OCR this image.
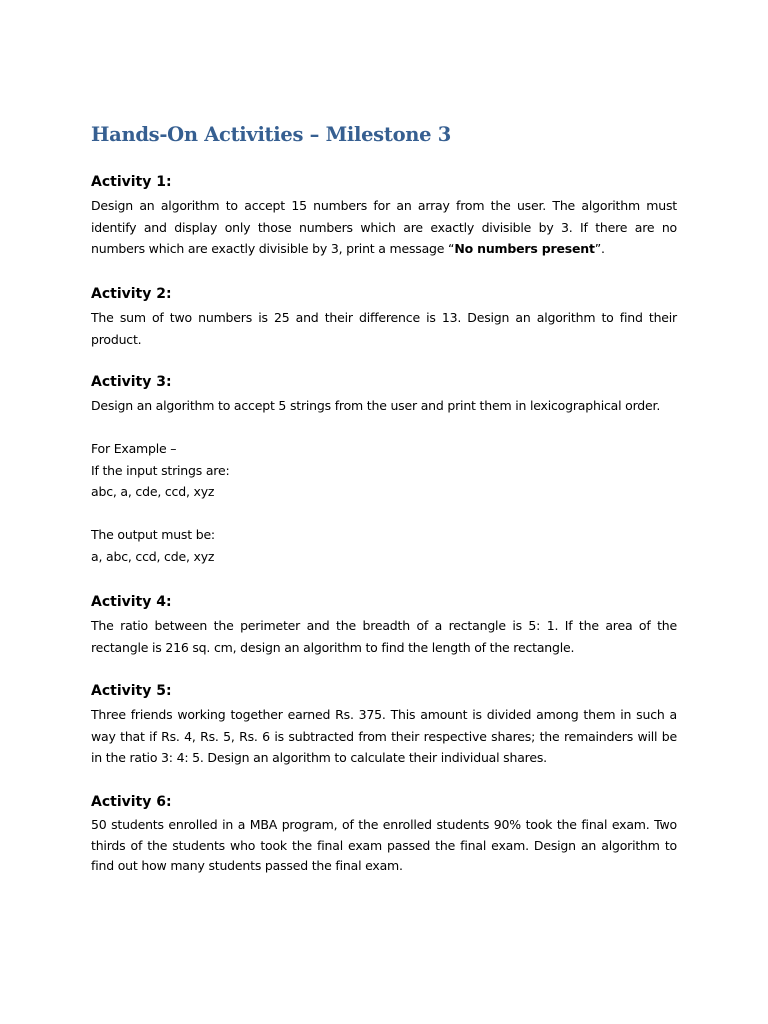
Hands-On Activities – Milestone 3
Activity 1:

Design an algorithm to accept 15 numbers for an array from the user. The algorithm must identify and display only those numbers which are exactly divisible by 3. If there are no numbers which are exactly divisible by 3, print a message “No numbers present”.

Activity 2:

The sum of two numbers is 25 and their difference is 13. Design an algorithm to find their product.

Activity 3:

Design an algorithm to accept 5 strings from the user and print them in lexicographical order.

For Example –
If the input strings are:
abc, a, cde, ccd, xyz
The output must be:
a, abc, ccd, cde, xyz
Activity 4:

The ratio between the perimeter and the breadth of a rectangle is 5: 1. If the area of the rectangle is 216 sq. cm, design an algorithm to find the length of the rectangle.

Activity 5:

Three friends working together earned Rs. 375. This amount is divided among them in such a way that if Rs. 4, Rs. 5, Rs. 6 is subtracted from their respective shares; the remainders will be in the ratio 3: 4: 5. Design an algorithm to calculate their individual shares.

Activity 6:

50 students enrolled in a MBA program, of the enrolled students 90% took the final exam. Two thirds of the students who took the final exam passed the final exam. Design an algorithm to find out how many students passed the final exam.
